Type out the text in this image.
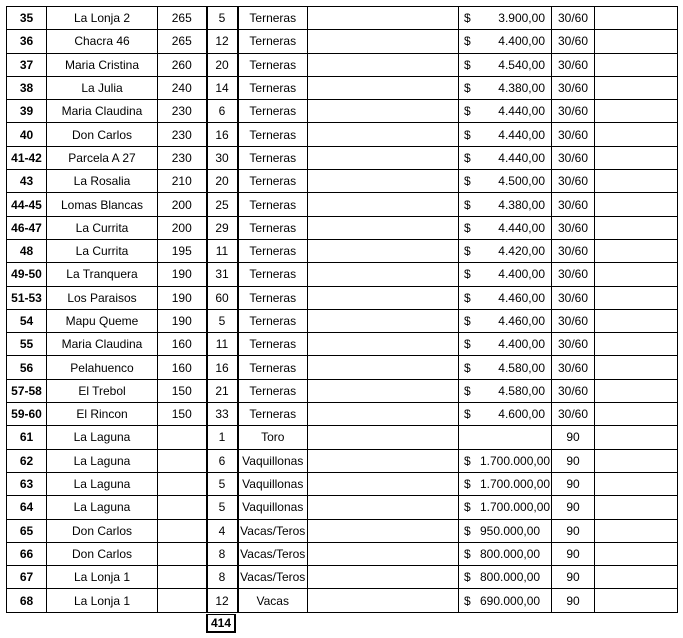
35	La Lonja 2	265	5	Terneras		$ 3.900,00	30/60	
36	Chacra 46	265	12	Terneras		$ 4.400,00	30/60	
37	Maria Cristina	260	20	Terneras		$ 4.540,00	30/60	
38	La Julia	240	14	Terneras		$ 4.380,00	30/60	
39	Maria Claudina	230	6	Terneras		$ 4.440,00	30/60	
40	Don Carlos	230	16	Terneras		$ 4.440,00	30/60	
41-42	Parcela A 27	230	30	Terneras		$ 4.440,00	30/60	
43	La Rosalia	210	20	Terneras		$ 4.500,00	30/60	
44-45	Lomas Blancas	200	25	Terneras		$ 4.380,00	30/60	
46-47	La Currita	200	29	Terneras		$ 4.440,00	30/60	
48	La Currita	195	11	Terneras		$ 4.420,00	30/60	
49-50	La Tranquera	190	31	Terneras		$ 4.400,00	30/60	
51-53	Los Paraisos	190	60	Terneras		$ 4.460,00	30/60	
54	Mapu Queme	190	5	Terneras		$ 4.460,00	30/60	
55	Maria Claudina	160	11	Terneras		$ 4.400,00	30/60	
56	Pelahuenco	160	16	Terneras		$ 4.580,00	30/60	
57-58	El Trebol	150	21	Terneras		$ 4.580,00	30/60	
59-60	El Rincon	150	33	Terneras		$ 4.600,00	30/60	
61	La Laguna		1	Toro			90	
62	La Laguna		6	Vaquillonas		$ 1.700.000,00	90	
63	La Laguna		5	Vaquillonas		$ 1.700.000,00	90	
64	La Laguna		5	Vaquillonas		$ 1.700.000,00	90	
65	Don Carlos		4	Vacas/Teros		$ 950.000,00	90	
66	Don Carlos		8	Vacas/Teros		$ 800.000,00	90	
67	La Lonja 1		8	Vacas/Teros		$ 800.000,00	90	
68	La Lonja 1		12	Vacas		$ 690.000,00	90	
414
